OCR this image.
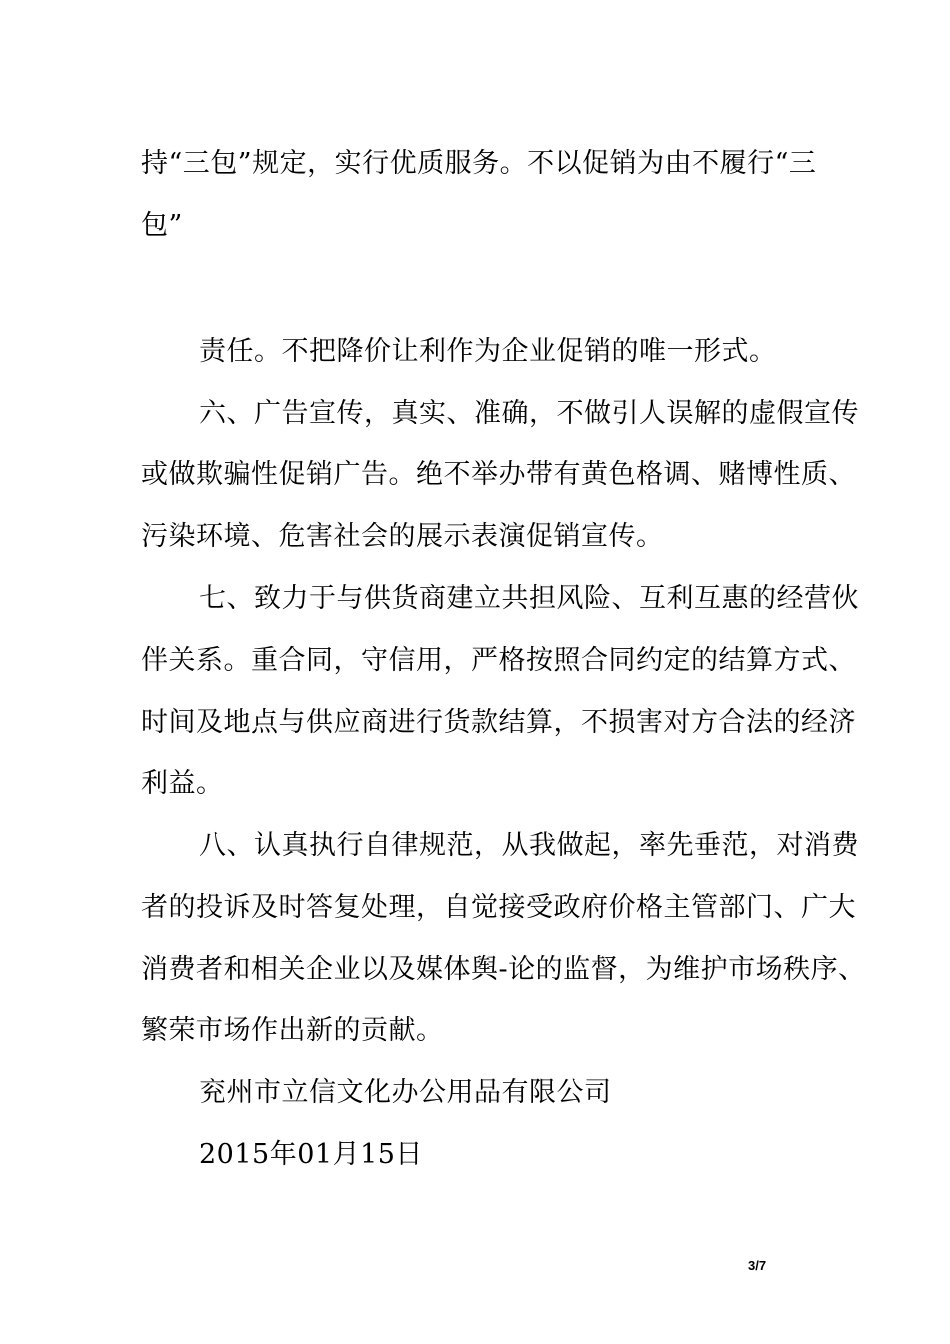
持“三包”规定，实行优质服务。不以促销为由不履行“三
包”
责任。不把降价让利作为企业促销的唯一形式。
六、广告宣传，真实、准确，不做引人误解的虚假宣传
或做欺骗性促销广告。绝不举办带有黄色格调、赌博性质、
污染环境、危害社会的展示表演促销宣传。
七、致力于与供货商建立共担风险、互利互惠的经营伙
伴关系。重合同，守信用，严格按照合同约定的结算方式、
时间及地点与供应商进行货款结算，不损害对方合法的经济
利益。
八、认真执行自律规范，从我做起，率先垂范，对消费
者的投诉及时答复处理，自觉接受政府价格主管部门、广大
消费者和相关企业以及媒体舆-论的监督，为维护市场秩序、
繁荣市场作出新的贡献。
兖州市立信文化办公用品有限公司
2015年01月15日
3/7
